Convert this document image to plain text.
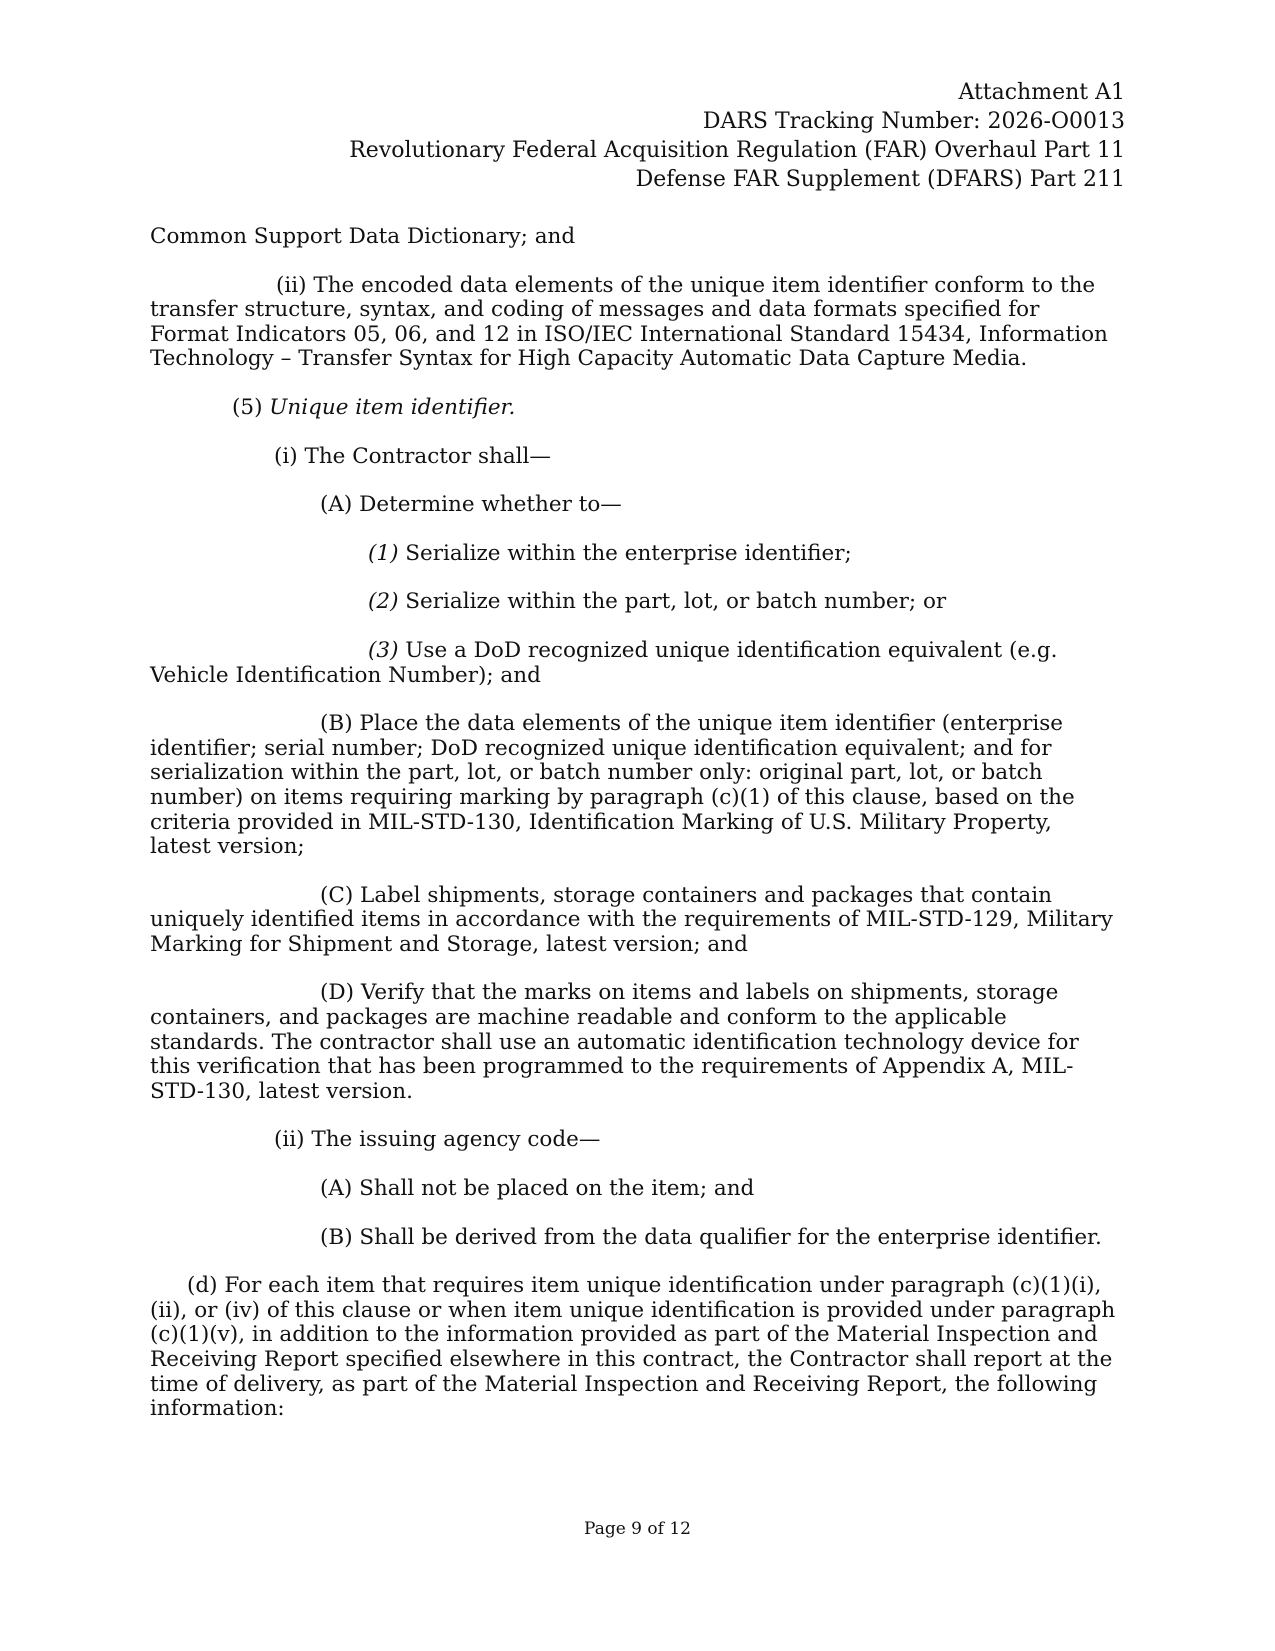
Attachment A1
DARS Tracking Number: 2026-O0013
Revolutionary Federal Acquisition Regulation (FAR) Overhaul Part 11
Defense FAR Supplement (DFARS) Part 211

Common Support Data Dictionary; and

(ii) The encoded data elements of the unique item identifier conform to the transfer structure, syntax, and coding of messages and data formats specified for Format Indicators 05, 06, and 12 in ISO/IEC International Standard 15434, Information Technology – Transfer Syntax for High Capacity Automatic Data Capture Media.

(5) Unique item identifier.

(i) The Contractor shall—

(A) Determine whether to—

(1) Serialize within the enterprise identifier;

(2) Serialize within the part, lot, or batch number; or

(3) Use a DoD recognized unique identification equivalent (e.g. Vehicle Identification Number); and

(B) Place the data elements of the unique item identifier (enterprise identifier; serial number; DoD recognized unique identification equivalent; and for serialization within the part, lot, or batch number only: original part, lot, or batch number) on items requiring marking by paragraph (c)(1) of this clause, based on the criteria provided in MIL-STD-130, Identification Marking of U.S. Military Property, latest version;

(C) Label shipments, storage containers and packages that contain uniquely identified items in accordance with the requirements of MIL-STD-129, Military Marking for Shipment and Storage, latest version; and

(D) Verify that the marks on items and labels on shipments, storage containers, and packages are machine readable and conform to the applicable standards. The contractor shall use an automatic identification technology device for this verification that has been programmed to the requirements of Appendix A, MIL-STD-130, latest version.

(ii) The issuing agency code—

(A) Shall not be placed on the item; and

(B) Shall be derived from the data qualifier for the enterprise identifier.

(d) For each item that requires item unique identification under paragraph (c)(1)(i), (ii), or (iv) of this clause or when item unique identification is provided under paragraph (c)(1)(v), in addition to the information provided as part of the Material Inspection and Receiving Report specified elsewhere in this contract, the Contractor shall report at the time of delivery, as part of the Material Inspection and Receiving Report, the following information:

Page 9 of 12
